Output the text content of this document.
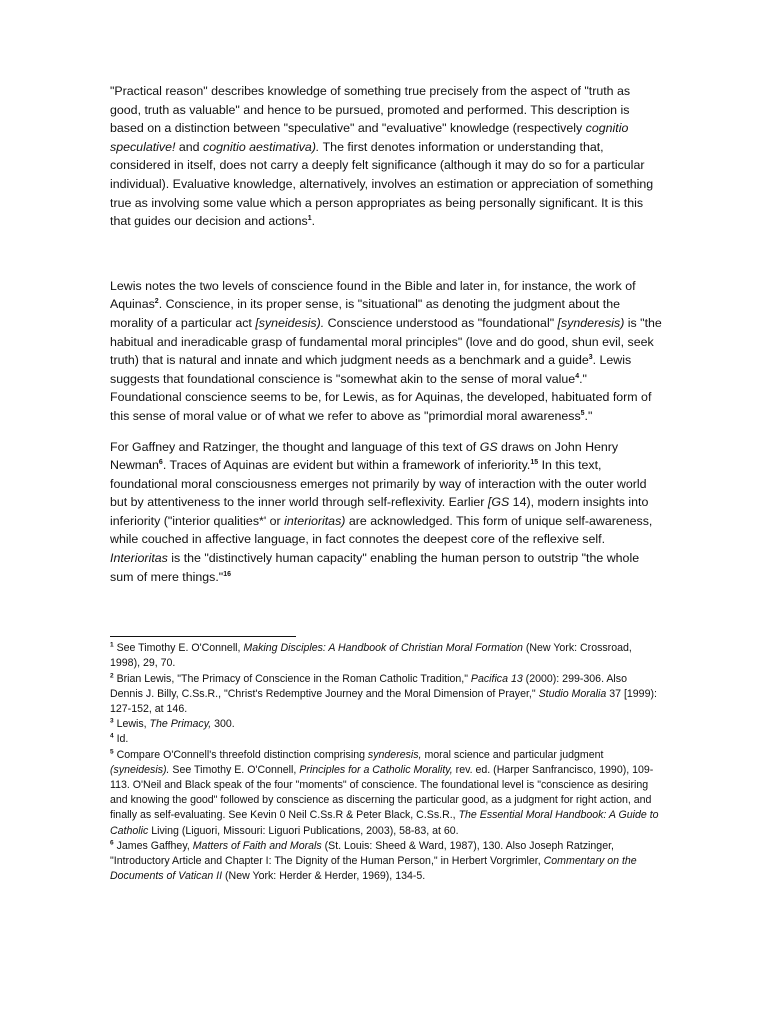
"Practical reason" describes knowledge of something true precisely from the aspect of "truth as good, truth as valuable" and hence to be pursued, promoted and performed. This description is based on a distinction between "speculative" and "evaluative" knowledge (respectively cognitio speculative! and cognitio aestimativa). The first denotes information or understanding that, considered in itself, does not carry a deeply felt significance (although it may do so for a particular individual). Evaluative knowledge, alternatively, involves an estimation or appreciation of something true as involving some value which a person appropriates as being personally significant. It is this that guides our decision and actions$^1$.

Lewis notes the two levels of conscience found in the Bible and later in, for instance, the work of Aquinas$^2$. Conscience, in its proper sense, is "situational" as denoting the judgment about the morality of a particular act [syneidesis). Conscience understood as "foundational" [synderesis) is "the habitual and ineradicable grasp of fundamental moral principles" (love and do good, shun evil, seek truth) that is natural and innate and which judgment needs as a benchmark and a guide$^3$. Lewis suggests that foundational conscience is "somewhat akin to the sense of moral value$^4$." Foundational conscience seems to be, for Lewis, as for Aquinas, the developed, habituated form of this sense of moral value or of what we refer to above as "primordial moral awareness$^5$."

For Gaffney and Ratzinger, the thought and language of this text of GS draws on John Henry Newman$^6$. Traces of Aquinas are evident but within a framework of inferiority.$^{15}$ In this text, foundational moral consciousness emerges not primarily by way of interaction with the outer world but by attentiveness to the inner world through self-reflexivity. Earlier [GS 14), modern insights into inferiority ("interior qualities*' or interioritas) are acknowledged. This form of unique self-awareness, while couched in affective language, in fact connotes the deepest core of the reflexive self. Interioritas is the "distinctively human capacity" enabling the human person to outstrip "the whole sum of mere things."$^{16}$

$^1$ See Timothy E. O'Connell, Making Disciples: A Handbook of Christian Moral Formation (New York: Crossroad, 1998), 29, 70.

$^2$ Brian Lewis, "The Primacy of Conscience in the Roman Catholic Tradition," Pacifica 13 (2000): 299-306. Also Dennis J. Billy, C.Ss.R., "Christ's Redemptive Journey and the Moral Dimension of Prayer," Studio Moralia 37 [1999): 127-152, at 146.

$^3$ Lewis, The Primacy, 300.

$^4$ Id.

$^5$ Compare O'Connell's threefold distinction comprising synderesis, moral science and particular judgment (syneidesis). See Timothy E. O'Connell, Principles for a Catholic Morality, rev. ed. (Harper Sanfrancisco, 1990), 109-113. O'Neil and Black speak of the four "moments" of conscience. The foundational level is "conscience as desiring and knowing the good" followed by conscience as discerning the particular good, as a judgment for right action, and finally as self-evaluating. See Kevin 0 Neil C.Ss.R & Peter Black, C.Ss.R., The Essential Moral Handbook: A Guide to Catholic Living (Liguori, Missouri: Liguori Publications, 2003), 58-83, at 60.

$^6$ James Gaffhey, Matters of Faith and Morals (St. Louis: Sheed & Ward, 1987), 130. Also Joseph Ratzinger, "Introductory Article and Chapter I: The Dignity of the Human Person," in Herbert Vorgrimler, Commentary on the Documents of Vatican II (New York: Herder & Herder, 1969), 134-5.
